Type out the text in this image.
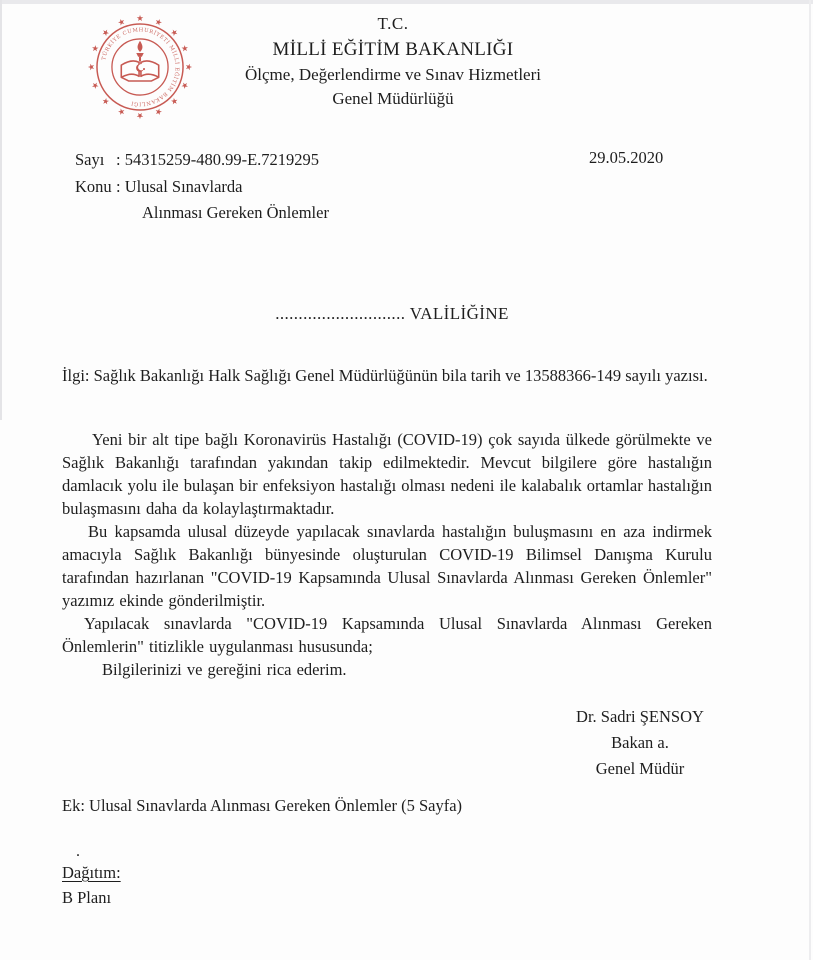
★ ★
★
★
★
★
★
★
★
★
★
★
★
★
★
★
TÜRKİYE CUMHURİYETİ MİLLİ EĞİTİM BAKANLIĞI
T.C.
MİLLİ EĞİTİM BAKANLIĞI
Ölçme, Değerlendirme ve Sınav Hizmetleri
Genel Müdürlüğü
Sayı : 54315259-480.99-E.7219295
Konu : Ulusal Sınavlarda
Alınması Gereken Önlemler
29.05.2020
............................ VALİLİĞİNE
İlgi: Sağlık Bakanlığı Halk Sağlığı Genel Müdürlüğünün bila tarih ve 13588366-149 sayılı yazısı.

Yeni bir alt tipe bağlı Koronavirüs Hastalığı (COVID-19) çok sayıda ülkede görülmekte ve Sağlık Bakanlığı tarafından yakından takip edilmektedir. Mevcut bilgilere göre hastalığın damlacık yolu ile bulaşan bir enfeksiyon hastalığı olması nedeni ile kalabalık ortamlar hastalığın bulaşmasını daha da kolaylaştırmaktadır.

Bu kapsamda ulusal düzeyde yapılacak sınavlarda hastalığın buluşmasını en aza indirmek amacıyla Sağlık Bakanlığı bünyesinde oluşturulan COVID-19 Bilimsel Danışma Kurulu tarafından hazırlanan "COVID-19 Kapsamında Ulusal Sınavlarda Alınması Gereken Önlemler" yazımız ekinde gönderilmiştir.

Yapılacak sınavlarda "COVID-19 Kapsamında Ulusal Sınavlarda Alınması Gereken Önlemlerin" titizlikle uygulanması hususunda;

Bilgilerinizi ve gereğini rica ederim.

Dr. Sadri ŞENSOY
Bakan a.
Genel Müdür
Ek: Ulusal Sınavlarda Alınması Gereken Önlemler (5 Sayfa)
.
Dağıtım:
B Planı
